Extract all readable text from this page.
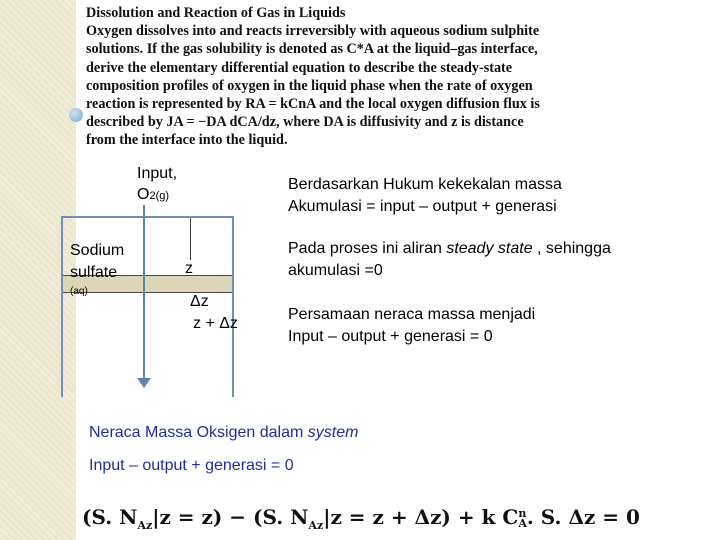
Dissolution and Reaction of Gas in Liquids
Oxygen dissolves into and reacts irreversibly with aqueous sodium sulphite
solutions. If the gas solubility is denoted as C*A at the liquid–gas interface,
derive the elementary differential equation to describe the steady-state
composition profiles of oxygen in the liquid phase when the rate of oxygen
reaction is represented by RA = kCnA and the local oxygen diffusion flux is
described by JA = −DA dCA/dz, where DA is diffusivity and z is distance
from the interface into the liquid.
Input,
O2(g)
Sodium
sulfate
(aq)
z
Δz
z + Δz
Berdasarkan Hukum kekekalan massa
Akumulasi = input – output + generasi
Pada proses ini aliran steady state , sehingga
akumulasi =0
Persamaan neraca massa menjadi
Input – output + generasi = 0
Neraca Massa Oksigen dalam system
Input – output + generasi = 0
(S. $N_{Az}|z = z) - (S$. $N_{Az}|z = z + \Delta z) + k$ C n
A . S. Δz = 0
